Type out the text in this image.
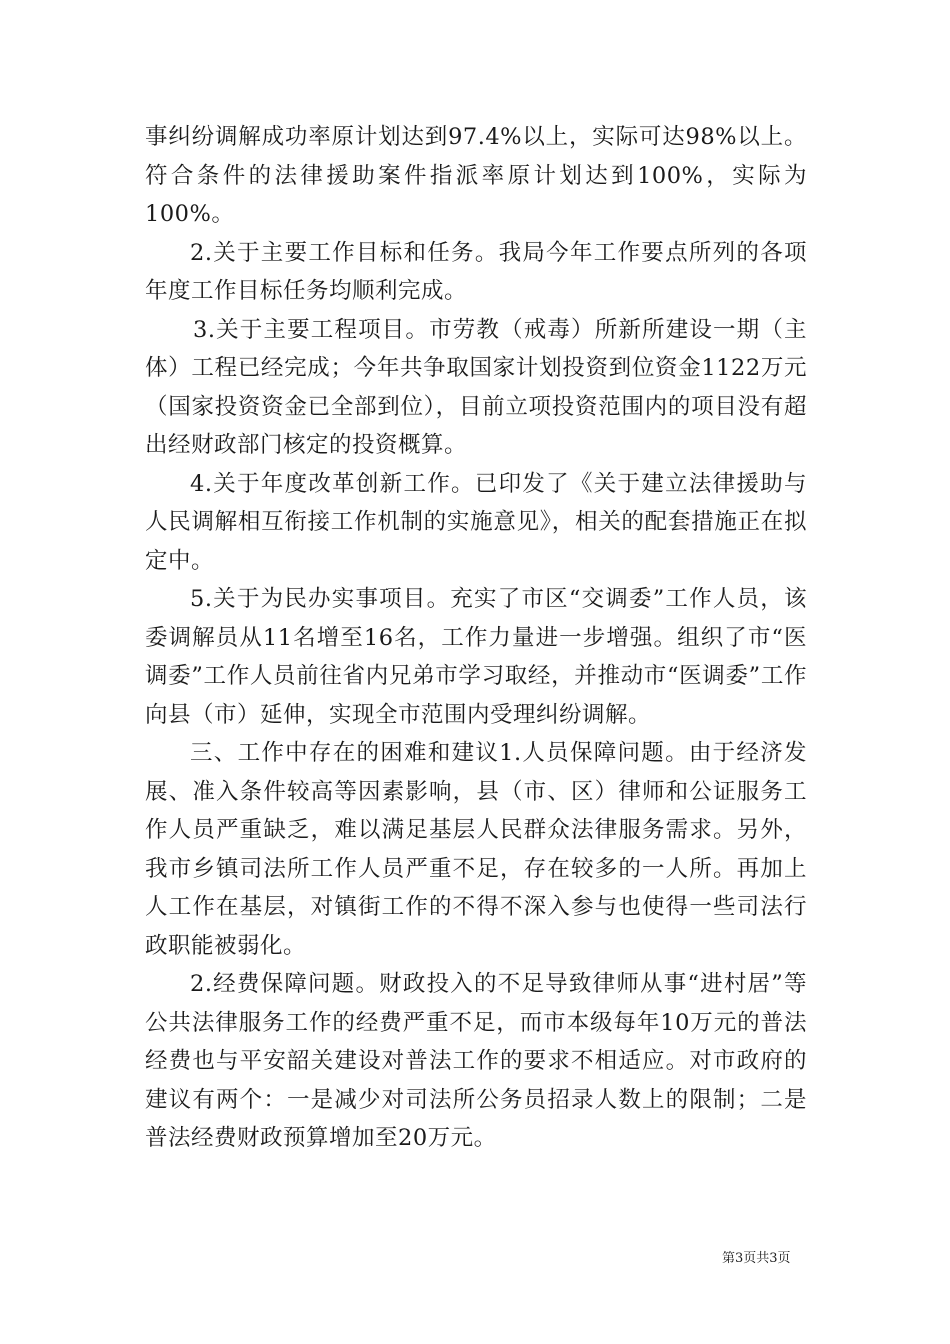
事纠纷调解成功率原计划达到97.4%以上，实际可达98%以上。符合条件的法律援助案件指派率原计划达到100%，实际为100%。

2.关于主要工作目标和任务。我局今年工作要点所列的各项年度工作目标任务均顺利完成。

3.关于主要工程项目。市劳教（戒毒）所新所建设一期（主体）工程已经完成；今年共争取国家计划投资到位资金1122万元（国家投资资金已全部到位），目前立项投资范围内的项目没有超出经财政部门核定的投资概算。

4.关于年度改革创新工作。已印发了《关于建立法律援助与人民调解相互衔接工作机制的实施意见》，相关的配套措施正在拟定中。

5.关于为民办实事项目。充实了市区“交调委”工作人员，该委调解员从11名增至16名，工作力量进一步增强。组织了市“医调委”工作人员前往省内兄弟市学习取经，并推动市“医调委”工作向县（市）延伸，实现全市范围内受理纠纷调解。

三、工作中存在的困难和建议1.人员保障问题。由于经济发展、准入条件较高等因素影响，县（市、区）律师和公证服务工作人员严重缺乏，难以满足基层人民群众法律服务需求。另外，我市乡镇司法所工作人员严重不足，存在较多的一人所。再加上人工作在基层，对镇街工作的不得不深入参与也使得一些司法行政职能被弱化。

2.经费保障问题。财政投入的不足导致律师从事“进村居”等公共法律服务工作的经费严重不足，而市本级每年10万元的普法经费也与平安韶关建设对普法工作的要求不相适应。对市政府的建议有两个：一是减少对司法所公务员招录人数上的限制；二是普法经费财政预算增加至20万元。

第3页共3页
